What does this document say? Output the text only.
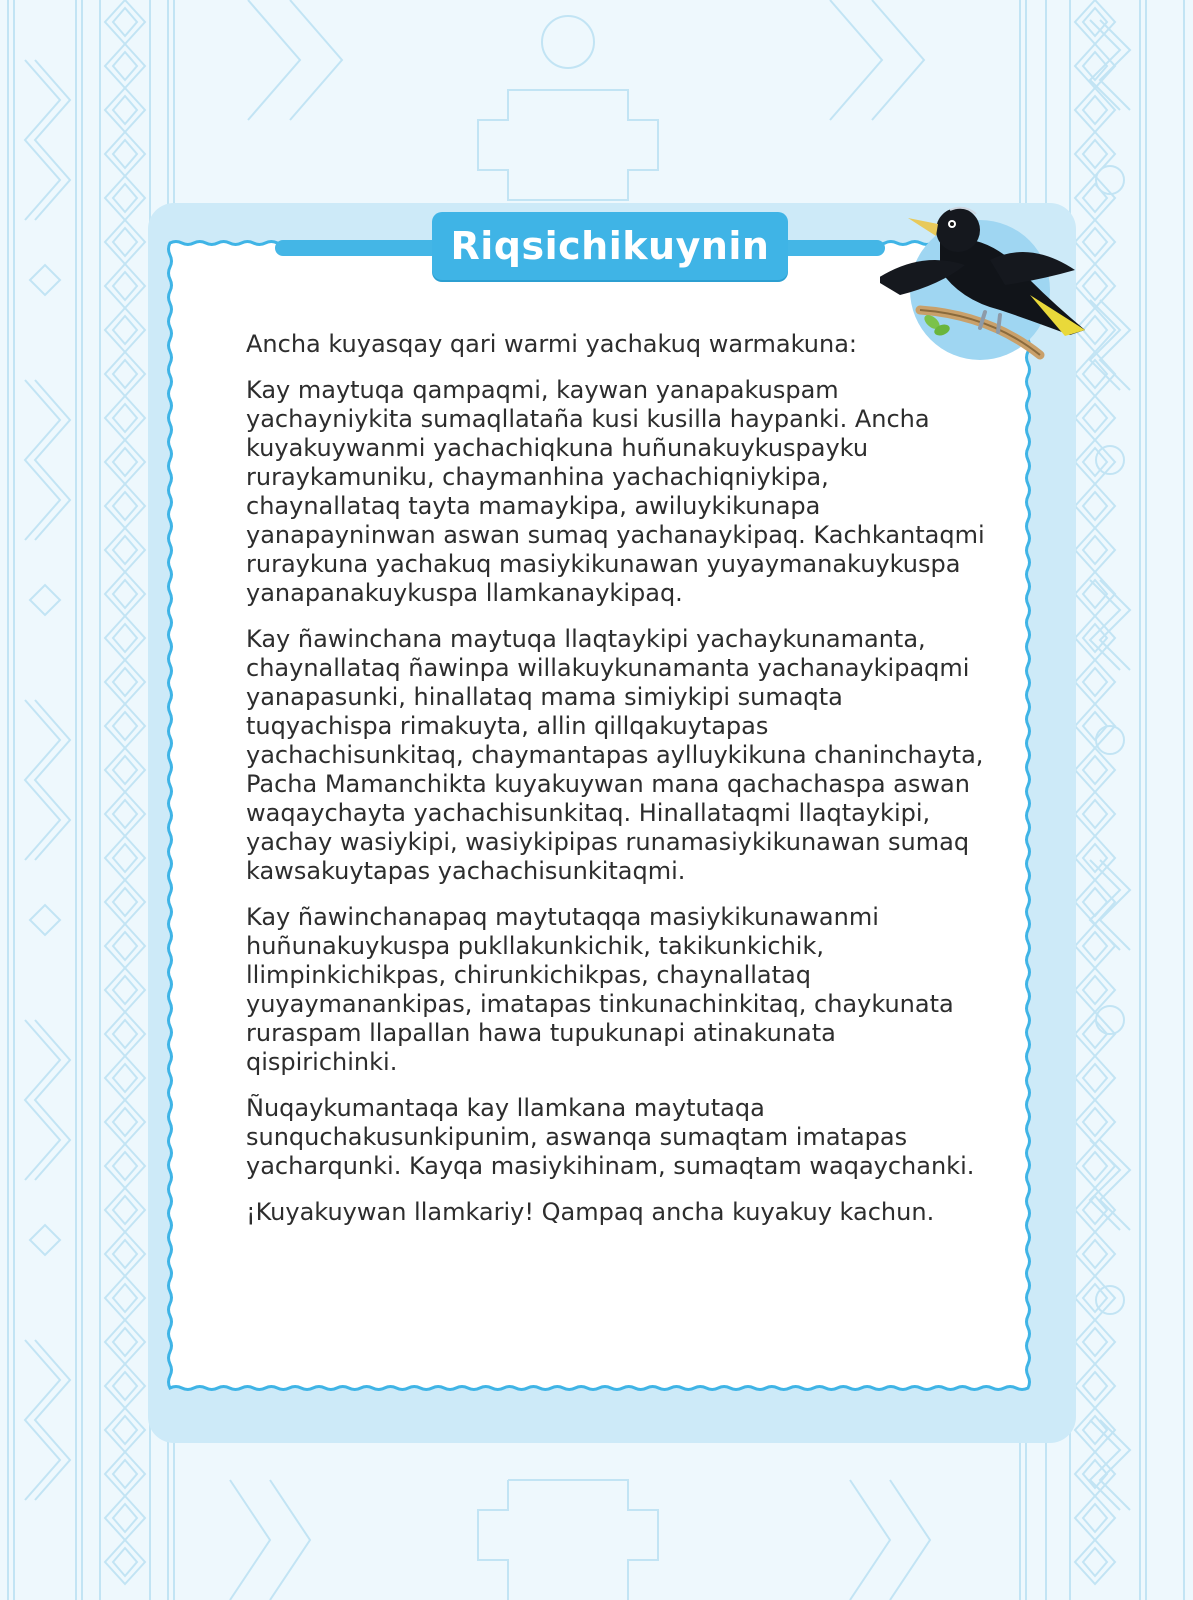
Riqsichikuynin

Ancha kuyasqay qari warmi yachakuq warmakuna:

Kay maytuqa qampaqmi, kaywan yanapakuspam yachayniykita sumaqllataña kusi kusilla haypanki. Ancha kuyakuywanmi yachachiqkuna huñunakuykuspayku ruraykamuniku, chaymanhina yachachiqniykipa, chaynallataq tayta mamaykipa, awiluykikunapa yanapayninwan aswan sumaq yachanaykipaq. Kachkantaqmi ruraykuna yachakuq masiykikunawan yuyaymanakuykuspa yanapanakuykuspa llamkanaykipaq.

Kay ñawinchana maytuqa llaqtaykipi yachaykunamanta, chaynallataq ñawinpa willakuykunamanta yachanaykipaqmi yanapasunki, hinallataq mama simiykipi sumaqta tuqyachispa rimakuyta, allin qillqakuytapas yachachisunkitaq, chaymantapas aylluykikuna chaninchayta, Pacha Mamanchikta kuyakuywan mana qachachaspa aswan waqaychayta yachachisunkitaq. Hinallataqmi llaqtaykipi, yachay wasiykipi, wasiykipipas runamasiykikunawan sumaq kawsakuytapas yachachisunkitaqmi.

Kay ñawinchanapaq maytutaqqa masiykikunawanmi huñunakuykuspa pukllakunkichik, takikunkichik, llimpinkichikpas, chirunkichikpas, chaynallataq yuyaymanankipas, imatapas tinkunachinkitaq, chaykunata ruraspam llapallan hawa tupukunapi atinakunata qispirichinki.

Ñuqaykumantaqa kay llamkana maytutaqa sunquchakusunkipunim, aswanqa sumaqtam imatapas yacharqunki. Kayqa masiykihinam, sumaqtam waqaychanki.

¡Kuyakuywan llamkariy! Qampaq ancha kuyakuy kachun.
